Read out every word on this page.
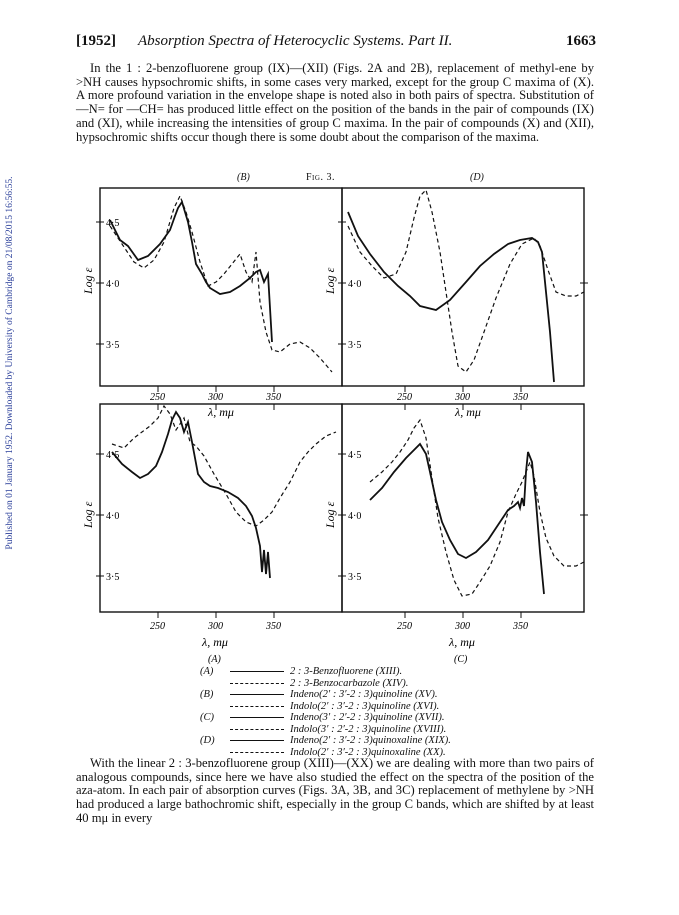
Published on 01 January 1952. Downloaded by University of Cambridge on 21/08/2015 16:56:55.
[1952] Absorption Spectra of Heterocyclic Systems. Part II.	1663

In the 1 : 2-benzofluorene group (IX)—(XII) (Figs. 2A and 2B), replacement of methyl-ene by >NH causes hypsochromic shifts, in some cases very marked, except for the group C maxima of (X). A more profound variation in the envelope shape is noted also in both pairs of spectra. Substitution of —N= for —CH= has produced little effect on the position of the bands in the pair of compounds (IX) and (XI), while increasing the intensities of group C maxima. In the pair of compounds (X) and (XII), hypsochromic shifts occur though there is some doubt about the comparison of the maxima.

(B)	Fig. 3.	(D)
4·5
4·0
3·5
4·0
3·5
4·5
4·0
3·5
4·5
4·0
3·5
Log ε	Log ε
Log ε	Log ε
250	300	350	250	300	350
λ, mμ	λ, mμ
250	300	350	250	300	350
λ, mμ	λ, mμ
(A)	(C)
(A)	2 : 3-Benzofluorene (XIII).
2 : 3-Benzocarbazole (XIV).
(B)	Indeno(2′ : 3′-2 : 3)quinoline (XV).
Indolo(2′ : 3′-2 : 3)quinoline (XVI).
(C)	Indeno(3′ : 2′-2 : 3)quinoline (XVII).
Indolo(3′ : 2′-2 : 3)quinoline (XVIII).
(D)	Indeno(2′ : 3′-2 : 3)quinoxaline (XIX).
Indolo(2′ : 3′-2 : 3)quinoxaline (XX).

With the linear 2 : 3-benzofluorene group (XIII)—(XX) we are dealing with more than two pairs of analogous compounds, since here we have also studied the effect on the spectra of the position of the aza-atom. In each pair of absorption curves (Figs. 3A, 3B, and 3C) replacement of methylene by >NH had produced a large bathochromic shift, especially in the group C bands, which are shifted by at least 40 mμ in every
